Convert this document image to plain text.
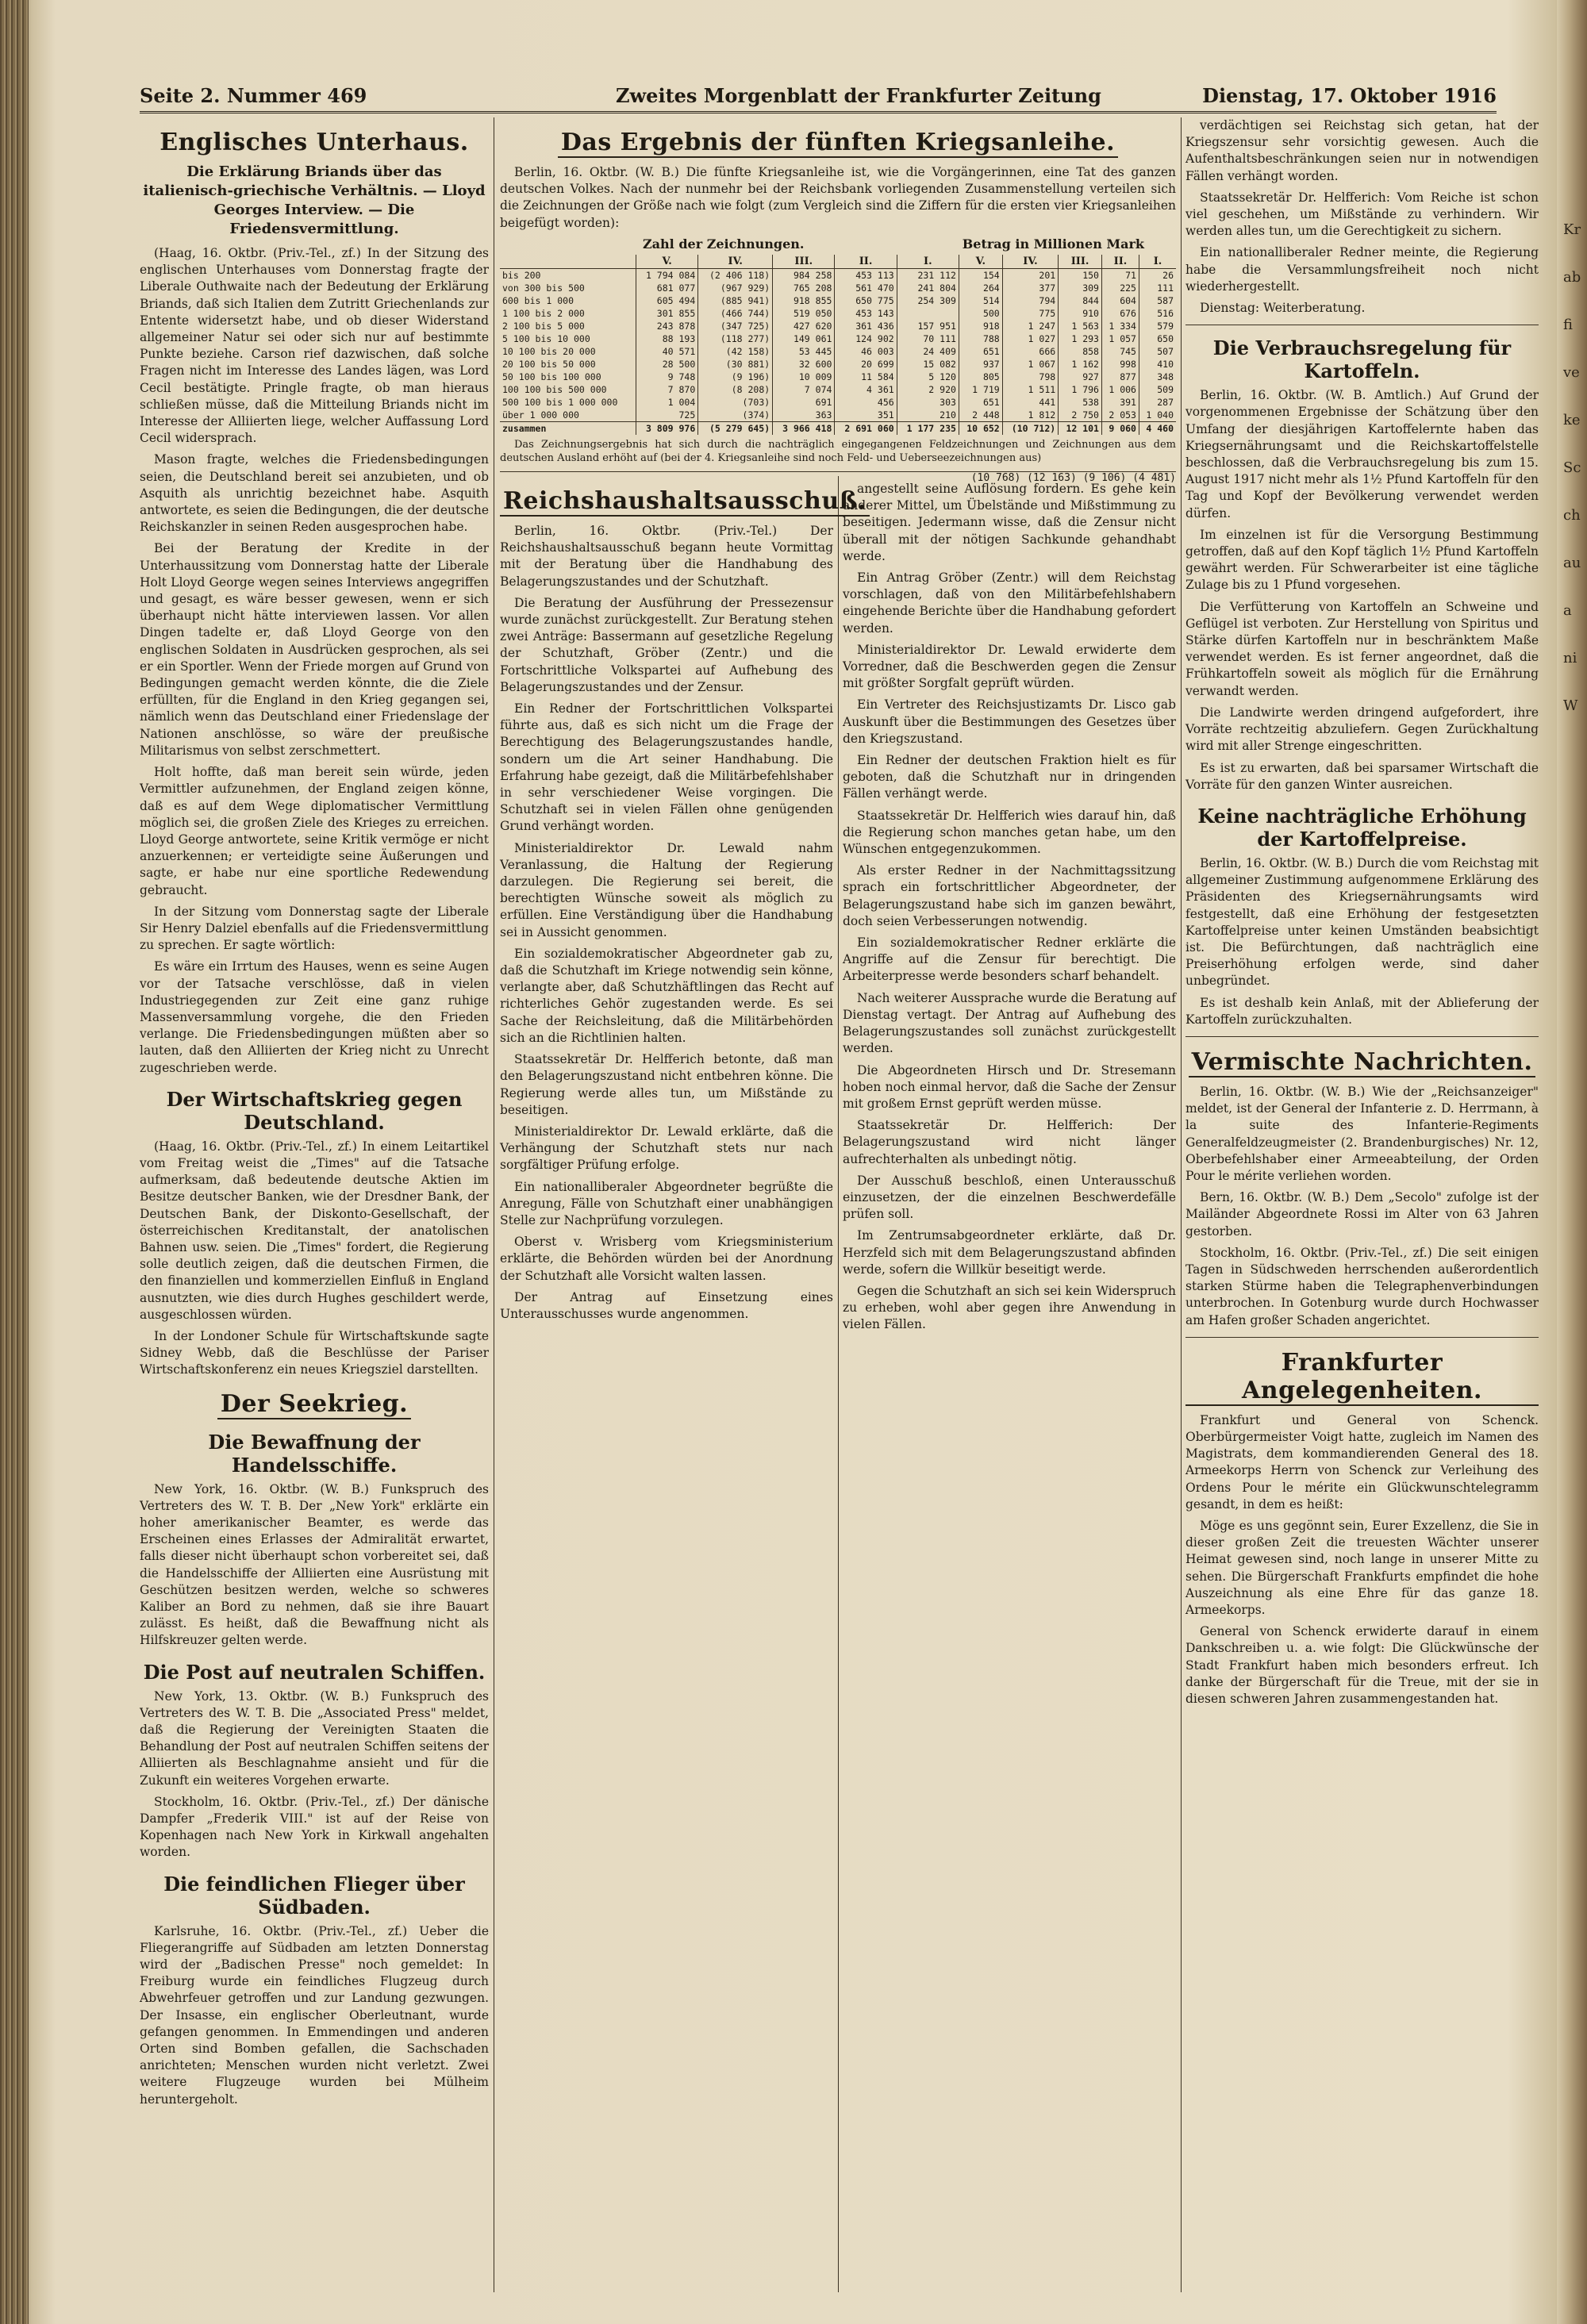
Kr ab fi ve ke Sc ch au a ni W
Seite 2. Nummer 469	Zweites Morgenblatt der Frankfurter Zeitung	Dienstag, 17. Oktober 1916
Englisches Unterhaus.
Die Erklärung Briands über das italienisch-griechische Verhältnis. — Lloyd Georges Interview. — Die Friedensvermittlung.

(Haag, 16. Oktbr. (Priv.-Tel., zf.) In der Sitzung des englischen Unterhauses vom Donnerstag fragte der Liberale Outhwaite nach der Bedeutung der Erklärung Briands, daß sich Italien dem Zutritt Griechenlands zur Entente widersetzt habe, und ob dieser Widerstand allgemeiner Natur sei oder sich nur auf bestimmte Punkte beziehe. Carson rief dazwischen, daß solche Fragen nicht im Interesse des Landes lägen, was Lord Cecil bestätigte. Pringle fragte, ob man hieraus schließen müsse, daß die Mitteilung Briands nicht im Interesse der Alliierten liege, welcher Auffassung Lord Cecil widersprach.

Mason fragte, welches die Friedensbedingungen seien, die Deutschland bereit sei anzubieten, und ob Asquith als unrichtig bezeichnet habe. Asquith antwortete, es seien die Bedingungen, die der deutsche Reichskanzler in seinen Reden ausgesprochen habe.

Bei der Beratung der Kredite in der Unterhaussitzung vom Donnerstag hatte der Liberale Holt Lloyd George wegen seines Interviews angegriffen und gesagt, es wäre besser gewesen, wenn er sich überhaupt nicht hätte interviewen lassen. Vor allen Dingen tadelte er, daß Lloyd George von den englischen Soldaten in Ausdrücken gesprochen, als sei er ein Sportler. Wenn der Friede morgen auf Grund von Bedingungen gemacht werden könnte, die die Ziele erfüllten, für die England in den Krieg gegangen sei, nämlich wenn das Deutschland einer Friedenslage der Nationen anschlösse, so wäre der preußische Militarismus von selbst zerschmettert.

Holt hoffte, daß man bereit sein würde, jeden Vermittler aufzunehmen, der England zeigen könne, daß es auf dem Wege diplomatischer Vermittlung möglich sei, die großen Ziele des Krieges zu erreichen. Lloyd George antwortete, seine Kritik vermöge er nicht anzuerkennen; er verteidigte seine Äußerungen und sagte, er habe nur eine sportliche Redewendung gebraucht.

In der Sitzung vom Donnerstag sagte der Liberale Sir Henry Dalziel ebenfalls auf die Friedensvermittlung zu sprechen. Er sagte wörtlich:

Es wäre ein Irrtum des Hauses, wenn es seine Augen vor der Tatsache verschlösse, daß in vielen Industriegegenden zur Zeit eine ganz ruhige Massenversammlung vorgehe, die den Frieden verlange. Die Friedensbedingungen müßten aber so lauten, daß den Alliierten der Krieg nicht zu Unrecht zugeschrieben werde.

Der Wirtschaftskrieg gegen Deutschland.

(Haag, 16. Oktbr. (Priv.-Tel., zf.) In einem Leitartikel vom Freitag weist die „Times" auf die Tatsache aufmerksam, daß bedeutende deutsche Aktien im Besitze deutscher Banken, wie der Dresdner Bank, der Deutschen Bank, der Diskonto-Gesellschaft, der österreichischen Kreditanstalt, der anatolischen Bahnen usw. seien. Die „Times" fordert, die Regierung solle deutlich zeigen, daß die deutschen Firmen, die den finanziellen und kommerziellen Einfluß in England ausnutzten, wie dies durch Hughes geschildert werde, ausgeschlossen würden.

In der Londoner Schule für Wirtschaftskunde sagte Sidney Webb, daß die Beschlüsse der Pariser Wirtschaftskonferenz ein neues Kriegsziel darstellten.

Der Seekrieg.
Die Bewaffnung der Handelsschiffe.

New York, 16. Oktbr. (W. B.) Funkspruch des Vertreters des W. T. B. Der „New York" erklärte ein hoher amerikanischer Beamter, es werde das Erscheinen eines Erlasses der Admiralität erwartet, falls dieser nicht überhaupt schon vorbereitet sei, daß die Handelsschiffe der Alliierten eine Ausrüstung mit Geschützen besitzen werden, welche so schweres Kaliber an Bord zu nehmen, daß sie ihre Bauart zulässt. Es heißt, daß die Bewaffnung nicht als Hilfskreuzer gelten werde.

Die Post auf neutralen Schiffen.

New York, 13. Oktbr. (W. B.) Funkspruch des Vertreters des W. T. B. Die „Associated Press" meldet, daß die Regierung der Vereinigten Staaten die Behandlung der Post auf neutralen Schiffen seitens der Alliierten als Beschlagnahme ansieht und für die Zukunft ein weiteres Vorgehen erwarte.

Stockholm, 16. Oktbr. (Priv.-Tel., zf.) Der dänische Dampfer „Frederik VIII." ist auf der Reise von Kopenhagen nach New York in Kirkwall angehalten worden.

Die feindlichen Flieger über Südbaden.

Karlsruhe, 16. Oktbr. (Priv.-Tel., zf.) Ueber die Fliegerangriffe auf Südbaden am letzten Donnerstag wird der „Badischen Presse" noch gemeldet: In Freiburg wurde ein feindliches Flugzeug durch Abwehrfeuer getroffen und zur Landung gezwungen. Der Insasse, ein englischer Oberleutnant, wurde gefangen genommen. In Emmendingen und anderen Orten sind Bomben gefallen, die Sachschaden anrichteten; Menschen wurden nicht verletzt. Zwei weitere Flugzeuge wurden bei Mülheim heruntergeholt.

Das Ergebnis der fünften Kriegsanleihe.

Berlin, 16. Oktbr. (W. B.) Die fünfte Kriegsanleihe ist, wie die Vorgängerinnen, eine Tat des ganzen deutschen Volkes. Nach der nunmehr bei der Reichsbank vorliegenden Zusammenstellung verteilen sich die Zeichnungen der Größe nach wie folgt (zum Vergleich sind die Ziffern für die ersten vier Kriegsanleihen beigefügt worden):

Zahl der Zeichnungen.	Betrag in Millionen Mark
	V.	IV.	III.	II.	I.	V.	IV.	III.	II.	I.
bis 200	1 794 084	(2 406 118)	984 258	453 113	231 112	154	201	150	71	26
von 300 bis 500	681 077	(967 929)	765 208	561 470	241 804	264	377	309	225	111
600 bis 1 000	605 494	(885 941)	918 855	650 775	254 309	514	794	844	604	587
1 100 bis 2 000	301 855	(466 744)	519 050	453 143		500	775	910	676	516
2 100 bis 5 000	243 878	(347 725)	427 620	361 436	157 951	918	1 247	1 563	1 334	579
5 100 bis 10 000	88 193	(118 277)	149 061	124 902	70 111	788	1 027	1 293	1 057	650
10 100 bis 20 000	40 571	(42 158)	53 445	46 003	24 409	651	666	858	745	507
20 100 bis 50 000	28 500	(30 881)	32 600	20 699	15 082	937	1 067	1 162	998	410
50 100 bis 100 000	9 748	(9 196)	10 009	11 584	5 120	805	798	927	877	348
100 100 bis 500 000	7 870	(8 208)	7 074	4 361	2 920	1 719	1 511	1 796	1 006	509
500 100 bis 1 000 000	1 004	(703)	691	456	303	651	441	538	391	287
über 1 000 000	725	(374)	363	351	210	2 448	1 812	2 750	2 053	1 040
zusammen	3 809 976	(5 279 645)	3 966 418	2 691 060	1 177 235	10 652	(10 712)	12 101	9 060	4 460

Das Zeichnungsergebnis hat sich durch die nachträglich eingegangenen Feldzeichnungen und Zeichnungen aus dem deutschen Ausland erhöht auf (bei der 4. Kriegsanleihe sind noch Feld- und Ueberseezeichnungen aus)

(10 768) (12 163) (9 106) (4 481)

Reichshaushaltsausschuß.

Berlin, 16. Oktbr. (Priv.-Tel.) Der Reichshaushaltsausschuß begann heute Vormittag mit der Beratung über die Handhabung des Belagerungszustandes und der Schutzhaft.

Die Beratung der Ausführung der Pressezensur wurde zunächst zurückgestellt. Zur Beratung stehen zwei Anträge: Bassermann auf gesetzliche Regelung der Schutzhaft, Gröber (Zentr.) und die Fortschrittliche Volkspartei auf Aufhebung des Belagerungszustandes und der Zensur.

Ein Redner der Fortschrittlichen Volkspartei führte aus, daß es sich nicht um die Frage der Berechtigung des Belagerungszustandes handle, sondern um die Art seiner Handhabung. Die Erfahrung habe gezeigt, daß die Militärbefehlshaber in sehr verschiedener Weise vorgingen. Die Schutzhaft sei in vielen Fällen ohne genügenden Grund verhängt worden.

Ministerialdirektor Dr. Lewald nahm Veranlassung, die Haltung der Regierung darzulegen. Die Regierung sei bereit, die berechtigten Wünsche soweit als möglich zu erfüllen. Eine Verständigung über die Handhabung sei in Aussicht genommen.

Ein sozialdemokratischer Abgeordneter gab zu, daß die Schutzhaft im Kriege notwendig sein könne, verlangte aber, daß Schutzhäftlingen das Recht auf richterliches Gehör zugestanden werde. Es sei Sache der Reichsleitung, daß die Militärbehörden sich an die Richtlinien halten.

Staatssekretär Dr. Helfferich betonte, daß man den Belagerungszustand nicht entbehren könne. Die Regierung werde alles tun, um Mißstände zu beseitigen.

Ministerialdirektor Dr. Lewald erklärte, daß die Verhängung der Schutzhaft stets nur nach sorgfältiger Prüfung erfolge.

Ein nationalliberaler Abgeordneter begrüßte die Anregung, Fälle von Schutzhaft einer unabhängigen Stelle zur Nachprüfung vorzulegen.

Oberst v. Wrisberg vom Kriegsministerium erklärte, die Behörden würden bei der Anordnung der Schutzhaft alle Vorsicht walten lassen.

Der Antrag auf Einsetzung eines Unterausschusses wurde angenommen.

angestellt seine Auflösung fordern. Es gehe kein anderer Mittel, um Übelstände und Mißstimmung zu beseitigen. Jedermann wisse, daß die Zensur nicht überall mit der nötigen Sachkunde gehandhabt werde.

Ein Antrag Gröber (Zentr.) will dem Reichstag vorschlagen, daß von den Militärbefehlshabern eingehende Berichte über die Handhabung gefordert werden.

Ministerialdirektor Dr. Lewald erwiderte dem Vorredner, daß die Beschwerden gegen die Zensur mit größter Sorgfalt geprüft würden.

Ein Vertreter des Reichsjustizamts Dr. Lisco gab Auskunft über die Bestimmungen des Gesetzes über den Kriegszustand.

Ein Redner der deutschen Fraktion hielt es für geboten, daß die Schutzhaft nur in dringenden Fällen verhängt werde.

Staatssekretär Dr. Helfferich wies darauf hin, daß die Regierung schon manches getan habe, um den Wünschen entgegenzukommen.

Als erster Redner in der Nachmittagssitzung sprach ein fortschrittlicher Abgeordneter, der Belagerungszustand habe sich im ganzen bewährt, doch seien Verbesserungen notwendig.

Ein sozialdemokratischer Redner erklärte die Angriffe auf die Zensur für berechtigt. Die Arbeiterpresse werde besonders scharf behandelt.

Nach weiterer Aussprache wurde die Beratung auf Dienstag vertagt. Der Antrag auf Aufhebung des Belagerungszustandes soll zunächst zurückgestellt werden.

Die Abgeordneten Hirsch und Dr. Stresemann hoben noch einmal hervor, daß die Sache der Zensur mit großem Ernst geprüft werden müsse.

Staatssekretär Dr. Helfferich: Der Belagerungszustand wird nicht länger aufrechterhalten als unbedingt nötig.

Der Ausschuß beschloß, einen Unterausschuß einzusetzen, der die einzelnen Beschwerdefälle prüfen soll.

Im Zentrumsabgeordneter erklärte, daß Dr. Herzfeld sich mit dem Belagerungszustand abfinden werde, sofern die Willkür beseitigt werde.

Gegen die Schutzhaft an sich sei kein Widerspruch zu erheben, wohl aber gegen ihre Anwendung in vielen Fällen.

verdächtigen sei Reichstag sich getan, hat der Kriegszensur sehr vorsichtig gewesen. Auch die Aufenthaltsbeschränkungen seien nur in notwendigen Fällen verhängt worden.

Staatssekretär Dr. Helfferich: Vom Reiche ist schon viel geschehen, um Mißstände zu verhindern. Wir werden alles tun, um die Gerechtigkeit zu sichern.

Ein nationalliberaler Redner meinte, die Regierung habe die Versammlungsfreiheit noch nicht wiederhergestellt.

Dienstag: Weiterberatung.

Die Verbrauchsregelung für Kartoffeln.

Berlin, 16. Oktbr. (W. B. Amtlich.) Auf Grund der vorgenommenen Ergebnisse der Schätzung über den Umfang der diesjährigen Kartoffelernte haben das Kriegsernährungsamt und die Reichskartoffelstelle beschlossen, daß die Verbrauchsregelung bis zum 15. August 1917 nicht mehr als 1½ Pfund Kartoffeln für den Tag und Kopf der Bevölkerung verwendet werden dürfen.

Im einzelnen ist für die Versorgung Bestimmung getroffen, daß auf den Kopf täglich 1½ Pfund Kartoffeln gewährt werden. Für Schwerarbeiter ist eine tägliche Zulage bis zu 1 Pfund vorgesehen.

Die Verfütterung von Kartoffeln an Schweine und Geflügel ist verboten. Zur Herstellung von Spiritus und Stärke dürfen Kartoffeln nur in beschränktem Maße verwendet werden. Es ist ferner angeordnet, daß die Frühkartoffeln soweit als möglich für die Ernährung verwandt werden.

Die Landwirte werden dringend aufgefordert, ihre Vorräte rechtzeitig abzuliefern. Gegen Zurückhaltung wird mit aller Strenge eingeschritten.

Es ist zu erwarten, daß bei sparsamer Wirtschaft die Vorräte für den ganzen Winter ausreichen.

Keine nachträgliche Erhöhung der Kartoffelpreise.

Berlin, 16. Oktbr. (W. B.) Durch die vom Reichstag mit allgemeiner Zustimmung aufgenommene Erklärung des Präsidenten des Kriegsernährungsamts wird festgestellt, daß eine Erhöhung der festgesetzten Kartoffelpreise unter keinen Umständen beabsichtigt ist. Die Befürchtungen, daß nachträglich eine Preiserhöhung erfolgen werde, sind daher unbegründet.

Es ist deshalb kein Anlaß, mit der Ablieferung der Kartoffeln zurückzuhalten.

Vermischte Nachrichten.

Berlin, 16. Oktbr. (W. B.) Wie der „Reichsanzeiger" meldet, ist der General der Infanterie z. D. Herrmann, à la suite des Infanterie-Regiments Generalfeldzeugmeister (2. Brandenburgisches) Nr. 12, Oberbefehlshaber einer Armeeabteilung, der Orden Pour le mérite verliehen worden.

Bern, 16. Oktbr. (W. B.) Dem „Secolo" zufolge ist der Mailänder Abgeordnete Rossi im Alter von 63 Jahren gestorben.

Stockholm, 16. Oktbr. (Priv.-Tel., zf.) Die seit einigen Tagen in Südschweden herrschenden außerordentlich starken Stürme haben die Telegraphenverbindungen unterbrochen. In Gotenburg wurde durch Hochwasser am Hafen großer Schaden angerichtet.

Frankfurter Angelegenheiten.

Frankfurt und General von Schenck. Oberbürgermeister Voigt hatte, zugleich im Namen des Magistrats, dem kommandierenden General des 18. Armeekorps Herrn von Schenck zur Verleihung des Ordens Pour le mérite ein Glückwunschtelegramm gesandt, in dem es heißt:

Möge es uns gegönnt sein, Eurer Exzellenz, die Sie in dieser großen Zeit die treuesten Wächter unserer Heimat gewesen sind, noch lange in unserer Mitte zu sehen. Die Bürgerschaft Frankfurts empfindet die hohe Auszeichnung als eine Ehre für das ganze 18. Armeekorps.

General von Schenck erwiderte darauf in einem Dankschreiben u. a. wie folgt: Die Glückwünsche der Stadt Frankfurt haben mich besonders erfreut. Ich danke der Bürgerschaft für die Treue, mit der sie in diesen schweren Jahren zusammengestanden hat.
